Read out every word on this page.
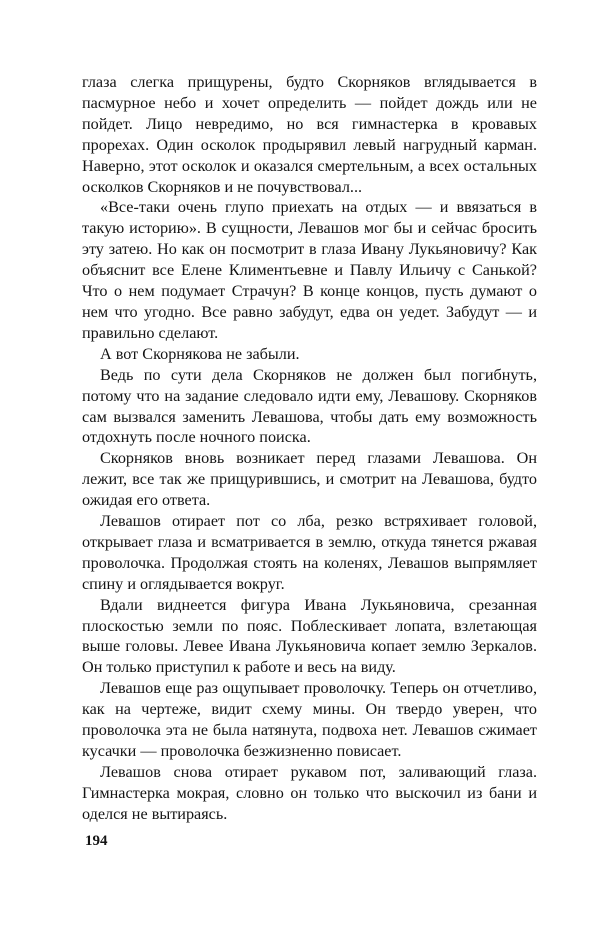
глаза слегка прищурены, будто Скорняков вглядывается в пасмурное небо и хочет определить — пойдет дождь или не пойдет. Лицо невредимо, но вся гимнастерка в кровавых прорехах. Один осколок продырявил левый нагрудный карман. Наверно, этот осколок и оказался смертельным, а всех остальных осколков Скорняков и не почувствовал...

«Все-таки очень глупо приехать на отдых — и ввязаться в такую историю». В сущности, Левашов мог бы и сейчас бросить эту затею. Но как он посмотрит в глаза Ивану Лукьяновичу? Как объяснит все Елене Климентьевне и Павлу Ильичу с Санькой? Что о нем подумает Страчун? В конце концов, пусть думают о нем что угодно. Все равно забудут, едва он уедет. Забудут — и правильно сделают.

А вот Скорнякова не забыли.

Ведь по сути дела Скорняков не должен был погибнуть, потому что на задание следовало идти ему, Левашову. Скорняков сам вызвался заменить Левашова, чтобы дать ему возможность отдохнуть после ночного поиска.

Скорняков вновь возникает перед глазами Левашова. Он лежит, все так же прищурившись, и смотрит на Левашова, будто ожидая его ответа.

Левашов отирает пот со лба, резко встряхивает головой, открывает глаза и всматривается в землю, откуда тянется ржавая проволочка. Продолжая стоять на коленях, Левашов выпрямляет спину и оглядывается вокруг.

Вдали виднеется фигура Ивана Лукьяновича, срезанная плоскостью земли по пояс. Поблескивает лопата, взлетающая выше головы. Левее Ивана Лукьяновича копает землю Зеркалов. Он только приступил к работе и весь на виду.

Левашов еще раз ощупывает проволочку. Теперь он отчетливо, как на чертеже, видит схему мины. Он твердо уверен, что проволочка эта не была натянута, подвохa нет. Левашов сжимает кусачки — проволочка безжизненно повисает.

Левашов снова отирает рукавом пот, заливающий глаза. Гимнастерка мокрая, словно он только что выскочил из бани и оделся не вытираясь.

194
